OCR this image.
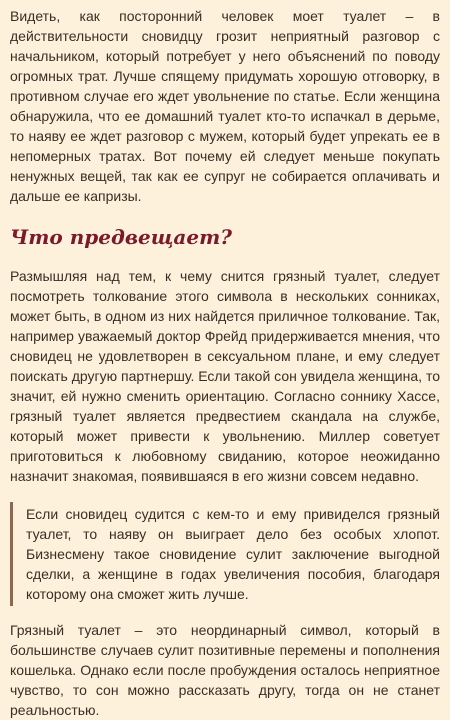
Видеть, как посторонний человек моет туалет – в действительности сновидцу грозит неприятный разговор с начальником, который потребует у него объяснений по поводу огромных трат. Лучше спящему придумать хорошую отговорку, в противном случае его ждет увольнение по статье. Если женщина обнаружила, что ее домашний туалет кто-то испачкал в дерьме, то наяву ее ждет разговор с мужем, который будет упрекать ее в непомерных тратах. Вот почему ей следует меньше покупать ненужных вещей, так как ее супруг не собирается оплачивать и дальше ее капризы.

Что предвещает?

Размышляя над тем, к чему снится грязный туалет, следует посмотреть толкование этого символа в нескольких сонниках, может быть, в одном из них найдется приличное толкование. Так, например уважаемый доктор Фрейд придерживается мнения, что сновидец не удовлетворен в сексуальном плане, и ему следует поискать другую партнершу. Если такой сон увидела женщина, то значит, ей нужно сменить ориентацию. Согласно соннику Хассе, грязный туалет является предвестием скандала на службе, который может привести к увольнению. Миллер советует приготовиться к любовному свиданию, которое неожиданно назначит знакомая, появившаяся в его жизни совсем недавно.

Если сновидец судится с кем-то и ему привиделся грязный туалет, то наяву он выиграет дело без особых хлопот. Бизнесмену такое сновидение сулит заключение выгодной сделки, а женщине в годах увеличения пособия, благодаря которому она сможет жить лучше.

Грязный туалет – это неординарный символ, который в большинстве случаев сулит позитивные перемены и пополнения кошелька. Однако если после пробуждения осталось неприятное чувство, то сон можно рассказать другу, тогда он не станет реальностью.
